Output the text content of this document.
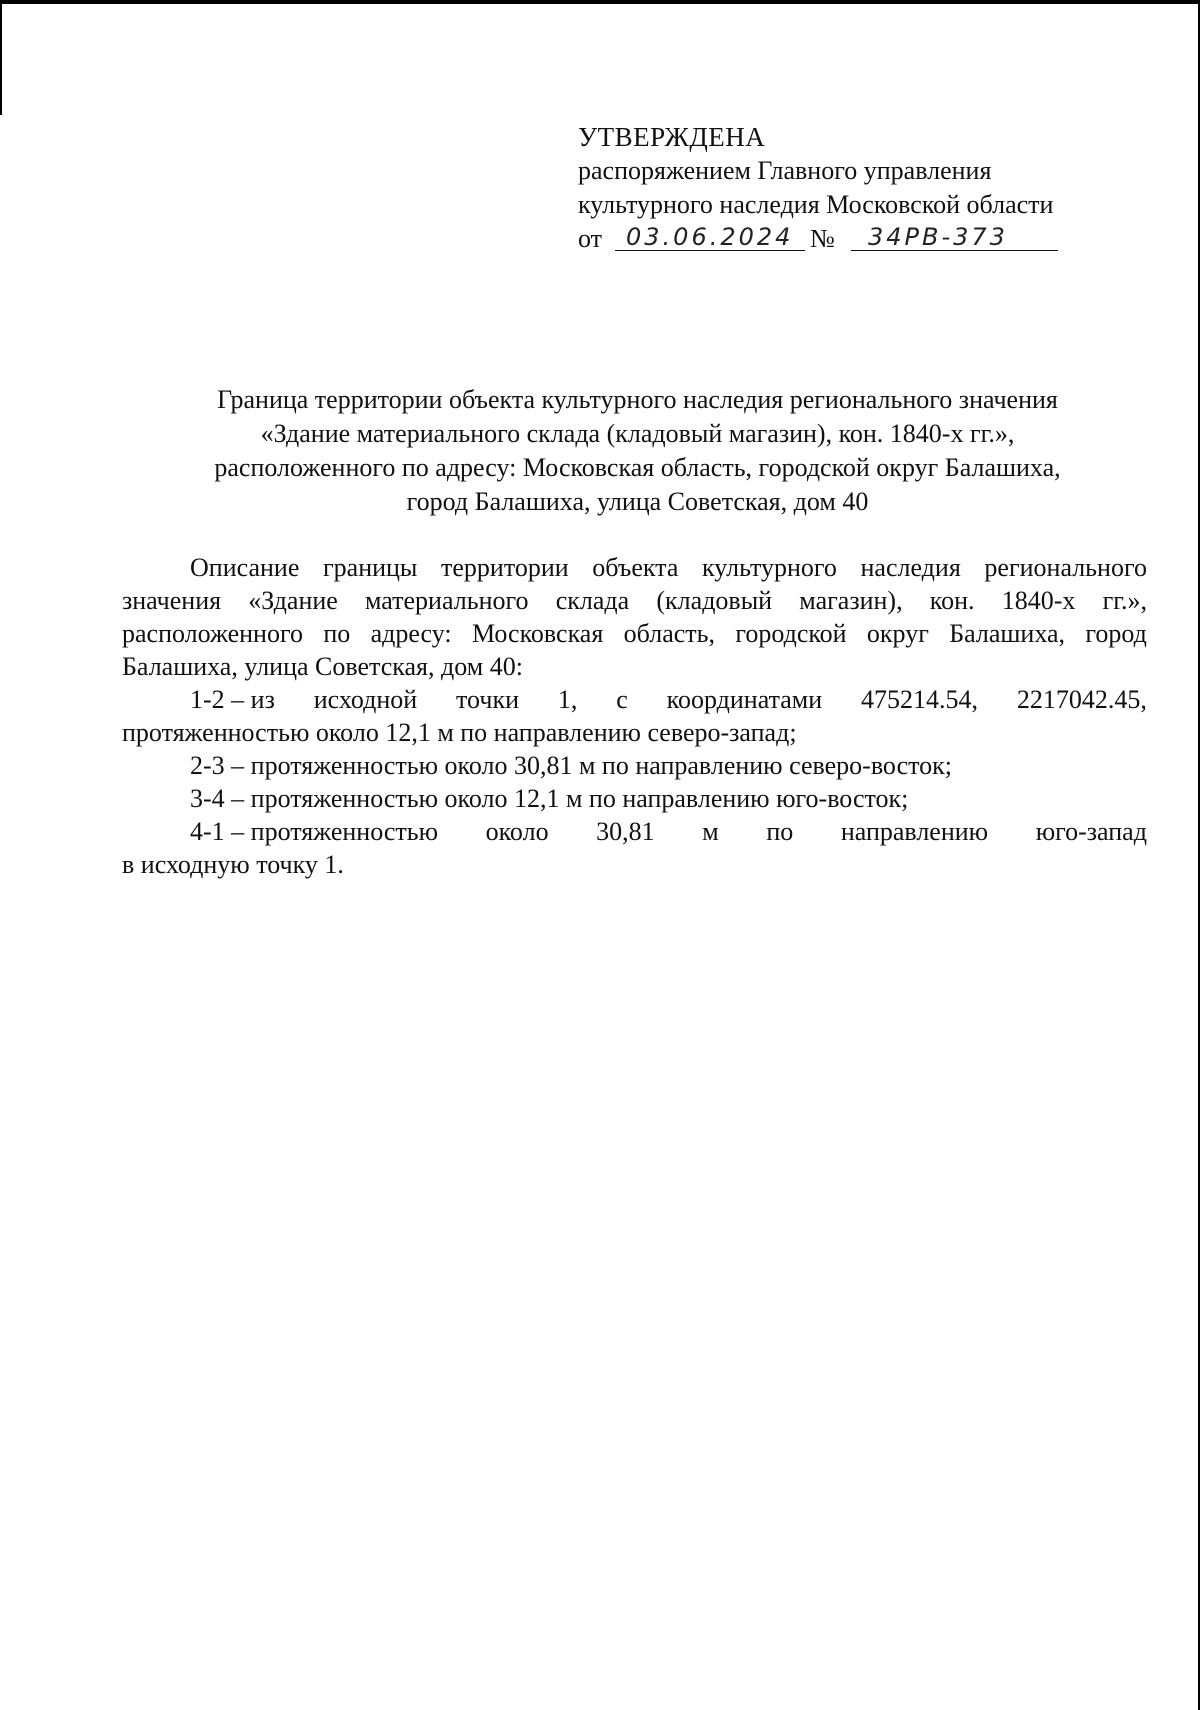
УТВЕРЖДЕНА
распоряжением Главного управления
культурного наследия Московской области
от 03.06.2024 № 34РВ-373
Граница территории объекта культурного наследия регионального значения
«Здание материального склада (кладовый магазин), кон. 1840-х гг.»,
расположенного по адресу: Московская область, городской округ Балашиха,
город Балашиха, улица Советская, дом 40
Описание границы территории объекта культурного наследия регионального
значения «Здание материального склада (кладовый магазин), кон. 1840-х гг.»,
расположенного по адресу: Московская область, городской округ Балашиха, город
Балашиха, улица Советская, дом 40:
1-2 – из исходной точки 1, с координатами 475214.54, 2217042.45,
протяженностью около 12,1 м по направлению северо-запад;
2-3 – протяженностью около 30,81 м по направлению северо-восток;
3-4 – протяженностью около 12,1 м по направлению юго-восток;
4-1 – протяженностью около 30,81 м по направлению юго-запад
в исходную точку 1.
